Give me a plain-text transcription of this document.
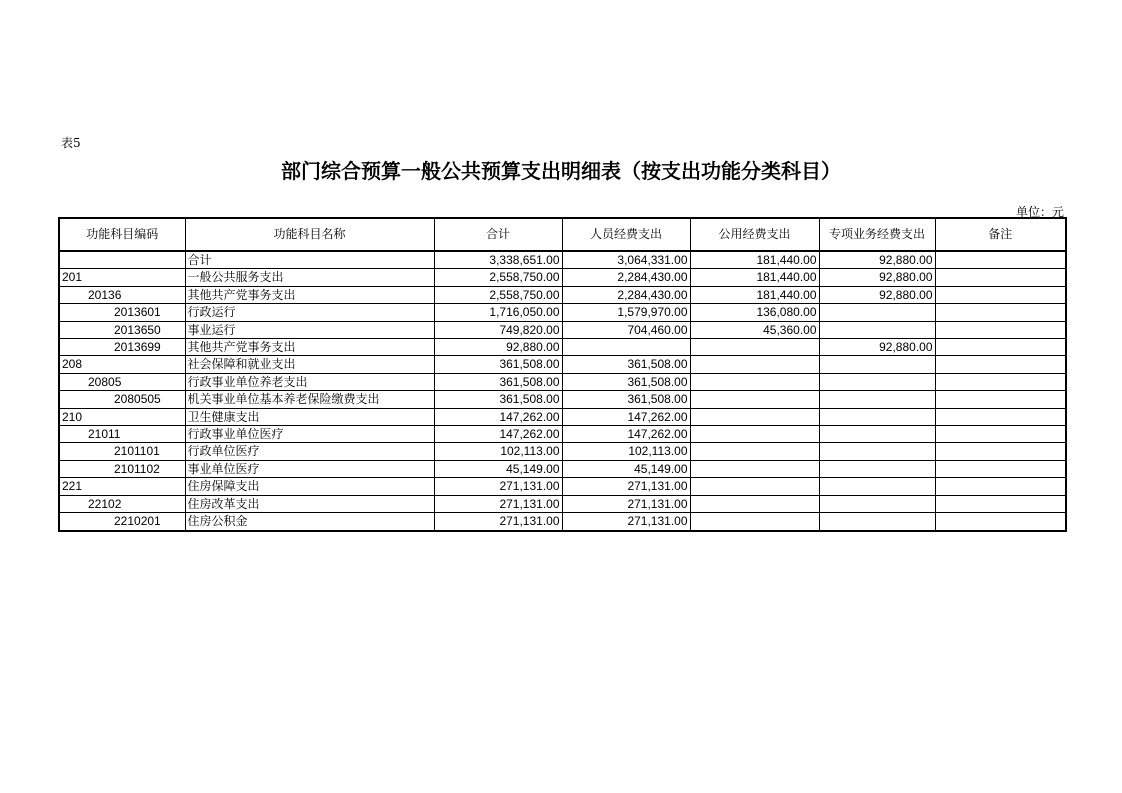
表5
部门综合预算一般公共预算支出明细表（按支出功能分类科目）
单位：元
功能科目编码	功能科目名称	合计	人员经费支出	公用经费支出	专项业务经费支出	备注
	合计	3,338,651.00	3,064,331.00	181,440.00	92,880.00	
201	一般公共服务支出	2,558,750.00	2,284,430.00	181,440.00	92,880.00	
20136	其他共产党事务支出	2,558,750.00	2,284,430.00	181,440.00	92,880.00	
2013601	行政运行	1,716,050.00	1,579,970.00	136,080.00		
2013650	事业运行	749,820.00	704,460.00	45,360.00		
2013699	其他共产党事务支出	92,880.00			92,880.00	
208	社会保障和就业支出	361,508.00	361,508.00			
20805	行政事业单位养老支出	361,508.00	361,508.00			
2080505	机关事业单位基本养老保险缴费支出	361,508.00	361,508.00			
210	卫生健康支出	147,262.00	147,262.00			
21011	行政事业单位医疗	147,262.00	147,262.00			
2101101	行政单位医疗	102,113.00	102,113.00			
2101102	事业单位医疗	45,149.00	45,149.00			
221	住房保障支出	271,131.00	271,131.00			
22102	住房改革支出	271,131.00	271,131.00			
2210201	住房公积金	271,131.00	271,131.00			
